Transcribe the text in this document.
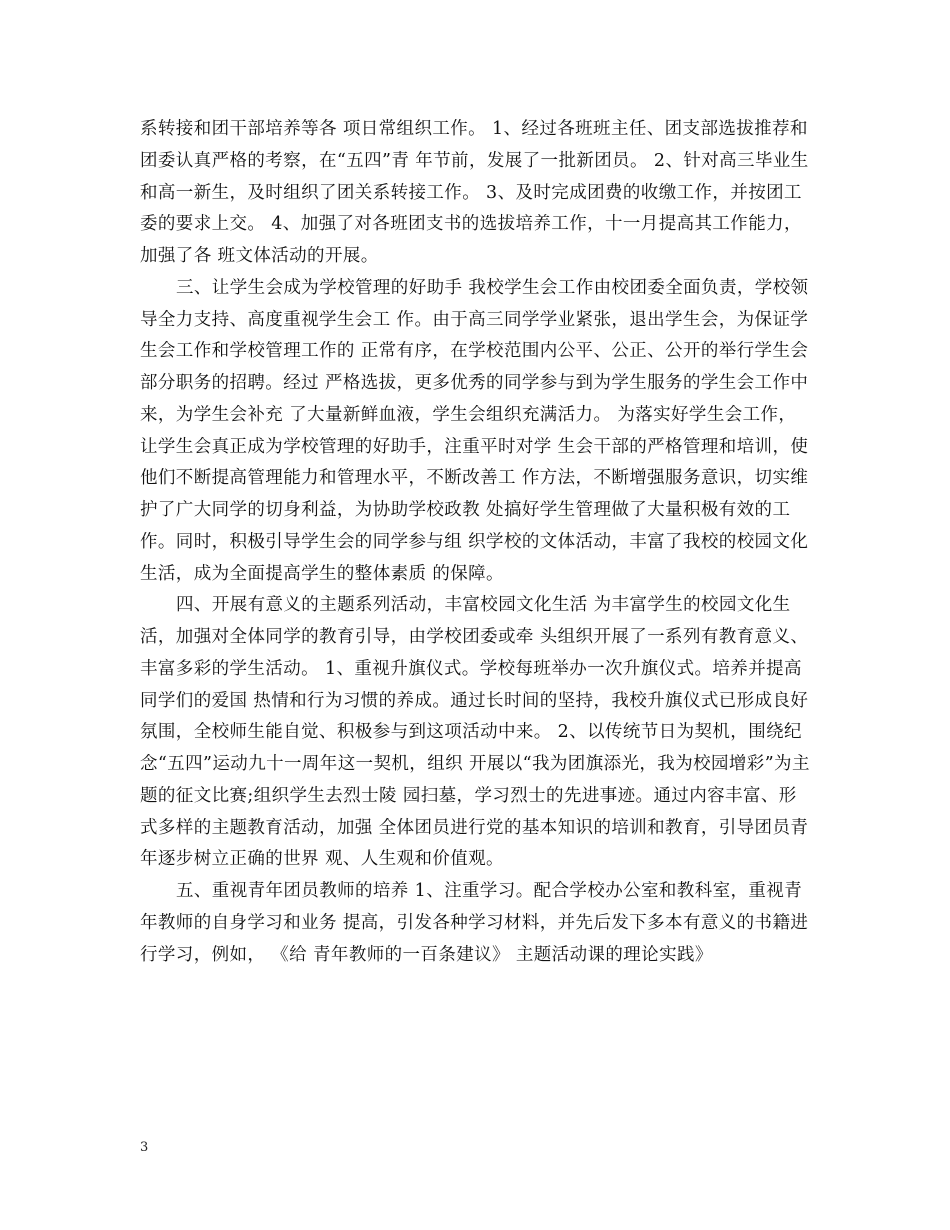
系转接和团干部培养等各 项日常组织工作。 1、经过各班班主任、团支部选拔推荐和团委认真严格的考察，在“五四”青 年节前，发展了一批新团员。 2、针对高三毕业生和高一新生，及时组织了团关系转接工作。 3、及时完成团费的收缴工作，并按团工委的要求上交。 4、加强了对各班团支书的选拔培养工作，十一月提高其工作能力，加强了各 班文体活动的开展。

三、让学生会成为学校管理的好助手 我校学生会工作由校团委全面负责，学校领导全力支持、高度重视学生会工 作。由于高三同学学业紧张，退出学生会，为保证学生会工作和学校管理工作的 正常有序，在学校范围内公平、公正、公开的举行学生会部分职务的招聘。经过 严格选拔，更多优秀的同学参与到为学生服务的学生会工作中来，为学生会补充 了大量新鲜血液，学生会组织充满活力。 为落实好学生会工作，让学生会真正成为学校管理的好助手，注重平时对学 生会干部的严格管理和培训，使他们不断提高管理能力和管理水平，不断改善工 作方法，不断增强服务意识，切实维护了广大同学的切身利益，为协助学校政教 处搞好学生管理做了大量积极有效的工作。同时，积极引导学生会的同学参与组 织学校的文体活动，丰富了我校的校园文化生活，成为全面提高学生的整体素质 的保障。

四、开展有意义的主题系列活动，丰富校园文化生活 为丰富学生的校园文化生活，加强对全体同学的教育引导，由学校团委或牵 头组织开展了一系列有教育意义、丰富多彩的学生活动。 1、重视升旗仪式。学校每班举办一次升旗仪式。培养并提高同学们的爱国 热情和行为习惯的养成。通过长时间的坚持，我校升旗仪式已形成良好氛围，全校师生能自觉、积极参与到这项活动中来。 2、以传统节日为契机，围绕纪念“五四”运动九十一周年这一契机，组织 开展以“我为团旗添光，我为校园增彩”为主题的征文比赛;组织学生去烈士陵 园扫墓，学习烈士的先进事迹。通过内容丰富、形式多样的主题教育活动，加强 全体团员进行党的基本知识的培训和教育，引导团员青年逐步树立正确的世界 观、人生观和价值观。

五、重视青年团员教师的培养 1、注重学习。配合学校办公室和教科室，重视青年教师的自身学习和业务 提高，引发各种学习材料，并先后发下多本有意义的书籍进行学习，例如， 《给 青年教师的一百条建议》 主题活动课的理论实践》

3
